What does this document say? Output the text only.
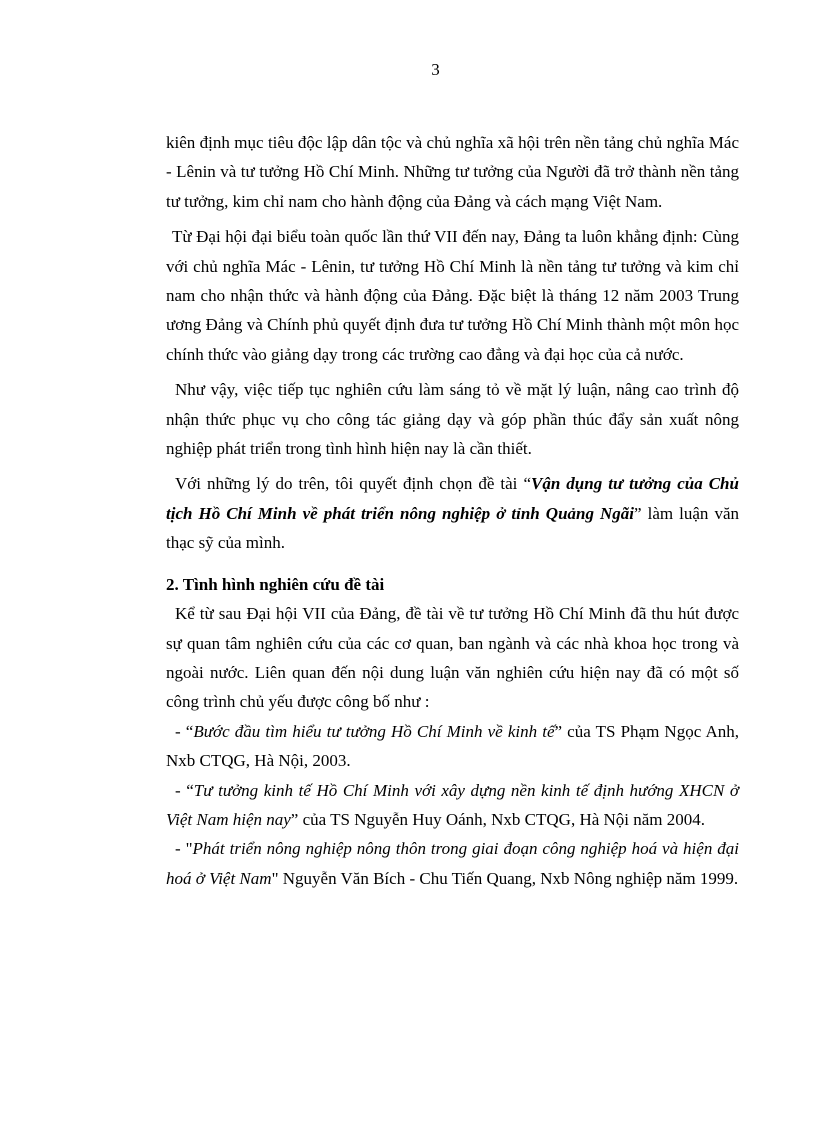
3

kiên định mục tiêu độc lập dân tộc và chủ nghĩa xã hội trên nền tảng chủ nghĩa Mác - Lênin và tư tưởng Hồ Chí Minh. Những tư tưởng của Người đã trở thành nền tảng tư tưởng, kim chỉ nam cho hành động của Đảng và cách mạng Việt Nam.

Từ Đại hội đại biểu toàn quốc lần thứ VII đến nay, Đảng ta luôn khẳng định: Cùng với chủ nghĩa Mác - Lênin, tư tưởng Hồ Chí Minh là nền tảng tư tưởng và kim chỉ nam cho nhận thức và hành động của Đảng. Đặc biệt là tháng 12 năm 2003 Trung ương Đảng và Chính phủ quyết định đưa tư tưởng Hồ Chí Minh thành một môn học chính thức vào giảng dạy trong các trường cao đẳng và đại học của cả nước.

Như vậy, việc tiếp tục nghiên cứu làm sáng tỏ về mặt lý luận, nâng cao trình độ nhận thức phục vụ cho công tác giảng dạy và góp phần thúc đẩy sản xuất nông nghiệp phát triển trong tình hình hiện nay là cần thiết.

Với những lý do trên, tôi quyết định chọn đề tài “Vận dụng tư tưởng của Chủ tịch Hồ Chí Minh về phát triển nông nghiệp ở tỉnh Quảng Ngãi” làm luận văn thạc sỹ của mình.

2. Tình hình nghiên cứu đề tài

Kể từ sau Đại hội VII của Đảng, đề tài về tư tưởng Hồ Chí Minh đã thu hút được sự quan tâm nghiên cứu của các cơ quan, ban ngành và các nhà khoa học trong và ngoài nước. Liên quan đến nội dung luận văn nghiên cứu hiện nay đã có một số công trình chủ yếu được công bố như :

- “Bước đầu tìm hiểu tư tưởng Hồ Chí Minh về kinh tế” của TS Phạm Ngọc Anh, Nxb CTQG, Hà Nội, 2003.

- “Tư tưởng kinh tế Hồ Chí Minh với xây dựng nền kinh tế định hướng XHCN ở Việt Nam hiện nay” của TS Nguyễn Huy Oánh, Nxb CTQG, Hà Nội năm 2004.

- "Phát triển nông nghiệp nông thôn trong giai đoạn công nghiệp hoá và hiện đại hoá ở Việt Nam" Nguyễn Văn Bích - Chu Tiến Quang, Nxb Nông nghiệp năm 1999.
